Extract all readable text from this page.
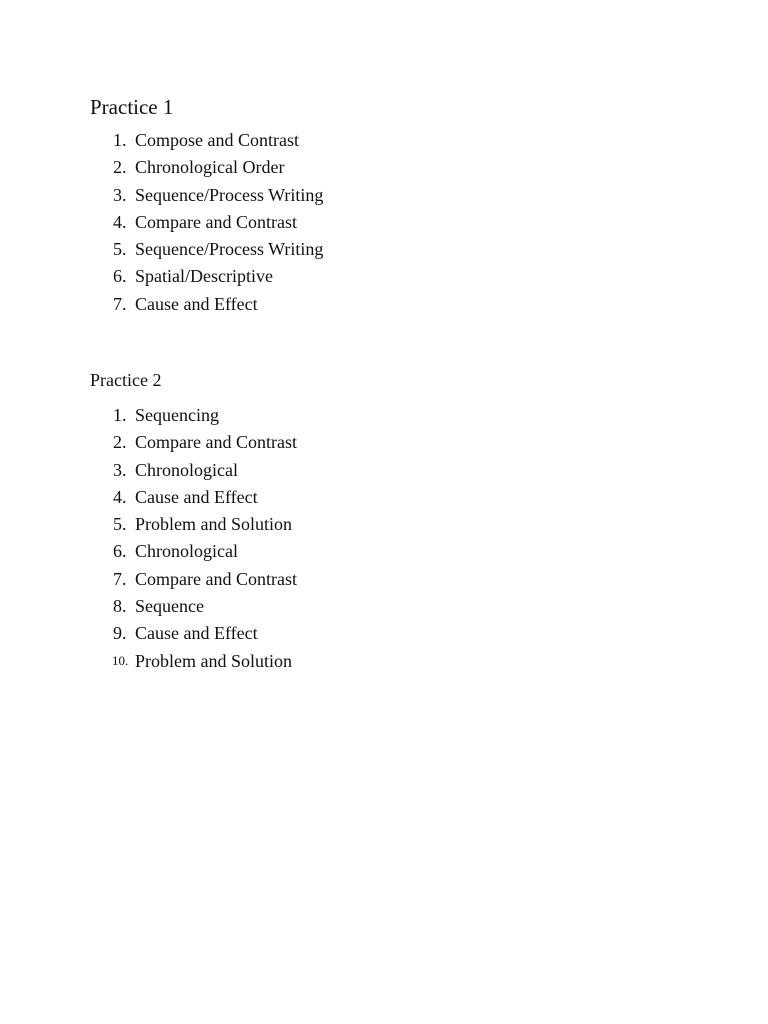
Practice 1
1. Compose and Contrast
2. Chronological Order
3. Sequence/Process Writing
4. Compare and Contrast
5. Sequence/Process Writing
6. Spatial/Descriptive
7. Cause and Effect
Practice 2
1. Sequencing
2. Compare and Contrast
3. Chronological
4. Cause and Effect
5. Problem and Solution
6. Chronological
7. Compare and Contrast
8. Sequence
9. Cause and Effect
10. Problem and Solution
